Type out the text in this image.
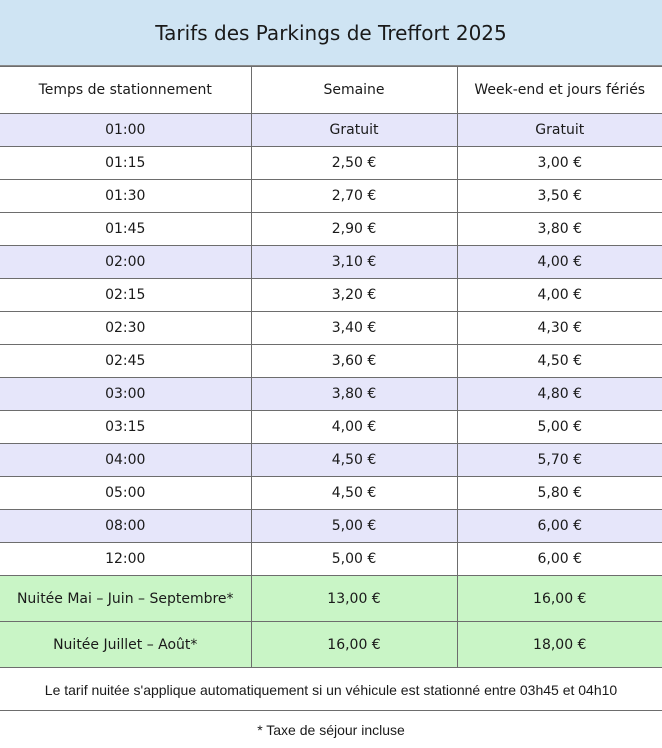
Tarifs des Parkings de Treffort 2025
Temps de stationnement	Semaine	Week-end et jours fériés
01:00	Gratuit	Gratuit
01:15	2,50 €	3,00 €
01:30	2,70 €	3,50 €
01:45	2,90 €	3,80 €
02:00	3,10 €	4,00 €
02:15	3,20 €	4,00 €
02:30	3,40 €	4,30 €
02:45	3,60 €	4,50 €
03:00	3,80 €	4,80 €
03:15	4,00 €	5,00 €
04:00	4,50 €	5,70 €
05:00	4,50 €	5,80 €
08:00	5,00 €	6,00 €
12:00	5,00 €	6,00 €
Nuitée Mai – Juin – Septembre*	13,00 €	16,00 €
Nuitée Juillet – Août*	16,00 €	18,00 €
Le tarif nuitée s'applique automatiquement si un véhicule est stationné entre 03h45 et 04h10
* Taxe de séjour incluse
